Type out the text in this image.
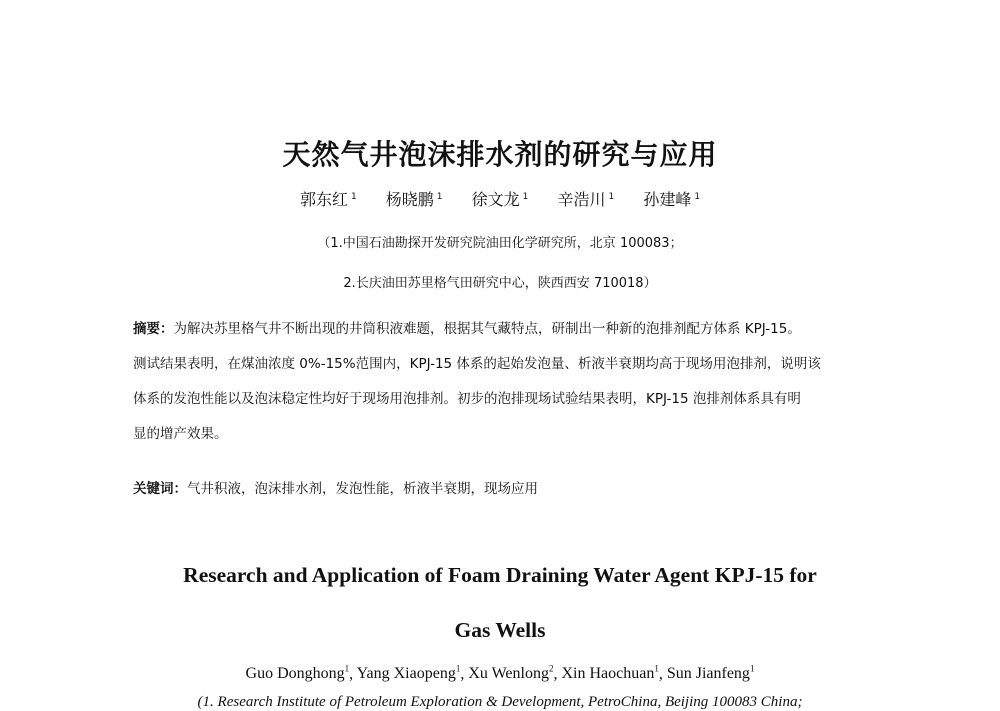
天然气井泡沫排水剂的研究与应用
郭东红 $^1$ 杨晓鹏 $^1$ 徐文龙 $^1$ 辛浩川 $^1$ 孙建峰 $^1$
（1.中国石油勘探开发研究院油田化学研究所，北京 100083；
2.长庆油田苏里格气田研究中心，陕西西安 710018）
摘要：为解决苏里格气井不断出现的井筒积液难题，根据其气藏特点，研制出一种新的泡排剂配方体系 KPJ-15。
测试结果表明，在煤油浓度 0%-15%范围内，KPJ-15 体系的起始发泡量、析液半衰期均高于现场用泡排剂，说明该
体系的发泡性能以及泡沫稳定性均好于现场用泡排剂。初步的泡排现场试验结果表明，KPJ-15 泡排剂体系具有明
显的增产效果。
关键词：气井积液，泡沫排水剂，发泡性能，析液半衰期，现场应用
Research and Application of Foam Draining Water Agent KPJ-15 for
Gas Wells
Guo Donghong$^1$, Yang Xiaopeng$^1$, Xu Wenlong$^2$, Xin Haochuan$^1$, Sun Jianfeng$^1$
(1. Research Institute of Petroleum Exploration & Development, PetroChina, Beijing 100083 China;
